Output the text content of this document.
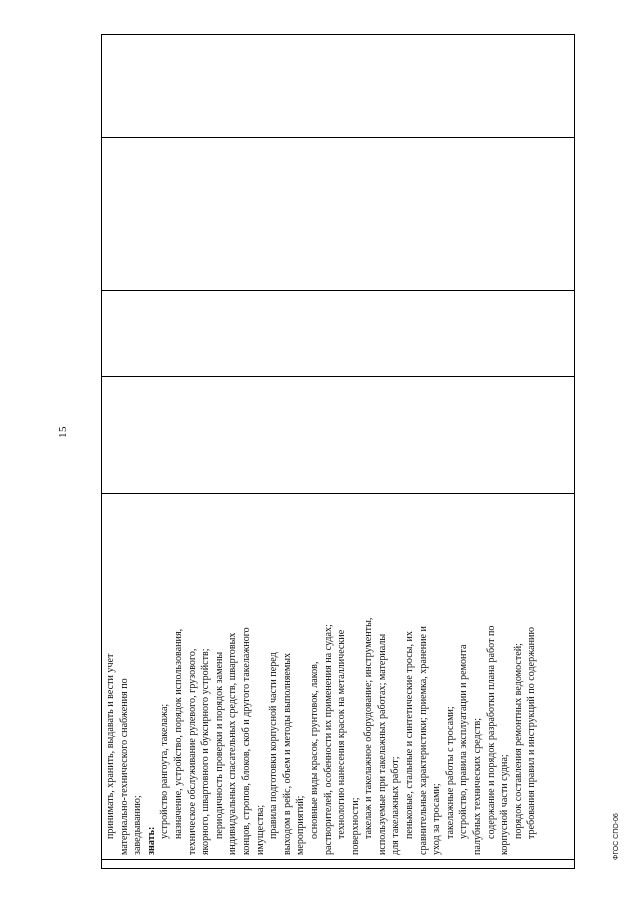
15
ФГОС СПО-06
принимать, хранить, выдавать и вести учет материально-технического снабжения по заведыванию; знать:
устройство рангоута, такелажа; назначение, устройство, порядок использования, техническое обслуживание рулевого, грузового, якорного, швартовного и буксирного устройств; периодичность проверки и порядок замены индивидуальных спасательных средств, швартовых концов, стропов, блоков, скоб и другого такелажного имущества; правила подготовки корпусной части перед выходом в рейс, объем и методы выполняемых мероприятий; основные виды красок, грунтовок, лаков, растворителей, особенности их применения на судах; технологию нанесения красок на металлические поверхности; такелаж и такелажное оборудование; инструменты, используемые при такелажных работах; материалы для такелажных работ; пеньковые, стальные и синтетические тросы, их сравнительные характеристики; приемка, хранение и уход за тросами; такелажные работы с тросами; устройство, правила эксплуатации и ремонта палубных технических средств; содержание и порядок разработки плана работ по корпусной части судна; порядок составления ремонтных ведомостей; требования правил и инструкций по содержанию
